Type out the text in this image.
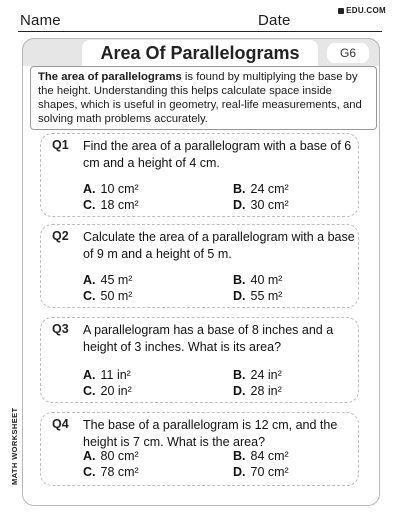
Name	Date
EDU.COM
Area Of Parallelograms	G6
The area of parallelograms is found by multiplying the base by the height. Understanding this helps calculate space inside shapes, which is useful in geometry, real-life measurements, and solving math problems accurately.
Q1 Find the area of a parallelogram with a base of 6 cm and a height of 4 cm.
A. 10 cm²	B. 24 cm²
C. 18 cm²	D. 30 cm²
Q2 Calculate the area of a parallelogram with a base of 9 m and a height of 5 m.
A. 45 m²	B. 40 m²
C. 50 m²	D. 55 m²
Q3 A parallelogram has a base of 8 inches and a height of 3 inches. What is its area?
A. 11 in²	B. 24 in²
C. 20 in²	D. 28 in²
Q4 The base of a parallelogram is 12 cm, and the height is 7 cm. What is the area?
A. 80 cm²	B. 84 cm²
C. 78 cm²	D. 70 cm²
MATH WORKSHEET
